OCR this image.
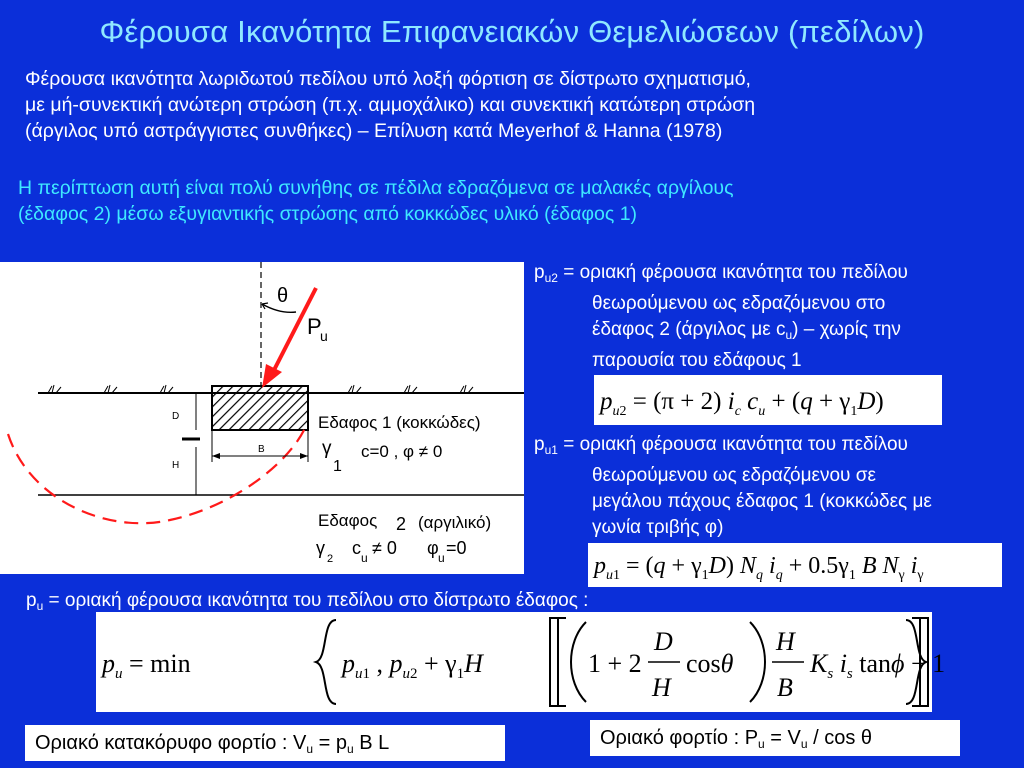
Φέρουσα Ικανότητα Επιφανειακών Θεμελιώσεων (πεδίλων)
Φέρουσα ικανότητα λωριδωτού πεδίλου υπό λοξή φόρτιση σε δίστρωτο σχηματισμό,
με μή-συνεκτική ανώτερη στρώση (π.χ. αμμοχάλικο) και συνεκτική κατώτερη στρώση
(άργιλος υπό αστράγγιστες συνθήκες) – Επίλυση κατά Meyerhof & Hanna (1978)
Η περίπτωση αυτή είναι πολύ συνήθης σε πέδιλα εδραζόμενα σε μαλακές αργίλους
(έδαφος 2) μέσω εξυγιαντικής στρώσης από κοκκώδες υλικό (έδαφος 1)
θ
P
u
D
H
B
Εδαφος 1 (κοκκώδες)
γ
1
c=0 , φ ≠ 0
Εδαφος 2 (αργιλικό)
γ
2
c u ≠ 0 φ u =0
$p_{u2} = o\rho\iota\alpha\kappa ή$ φέρουσα ικανότητα του πεδίλου
θεωρούμενου ως εδραζόμενου στο
έδαφος 2 (άργιλος με $c_u$) – χωρίς την
παρουσία του εδάφους 1
$p_u2 = (\pi + 2)$ $i_c$ $c_u + (q + \gamma_1D)$
$p_{u1} = o\rho\iota\alpha\kappa ή$ φέρουσα ικανότητα του πεδίλου
θεωρούμενου ως εδραζόμενου σε
μεγάλου πάχους έδαφος 1 (κοκκώδες με
γωνία τριβής φ)
$p_u1 = (q + \gamma_1D)$ $N_q$ $i_q + 0.5\gamma_1$ B $N_\gamma$ $i_\gamma$
$p_u = o\rho\iota\alpha\kappa ή$ φέρουσα ικανότητα του πεδίλου στο δίστρωτο έδαφος :
$p_u = \min$	$p_u1$ , $p_u2 + \gamma_1H$	1 + 2
D
H
cosθ
H
B
$K_s$ $i_s$ tanϕ − 1
Οριακό κατακόρυφο φορτίο : $V_u = p_u$ B L	Οριακό φορτίο : $P_u = V_u / \cos \theta$
